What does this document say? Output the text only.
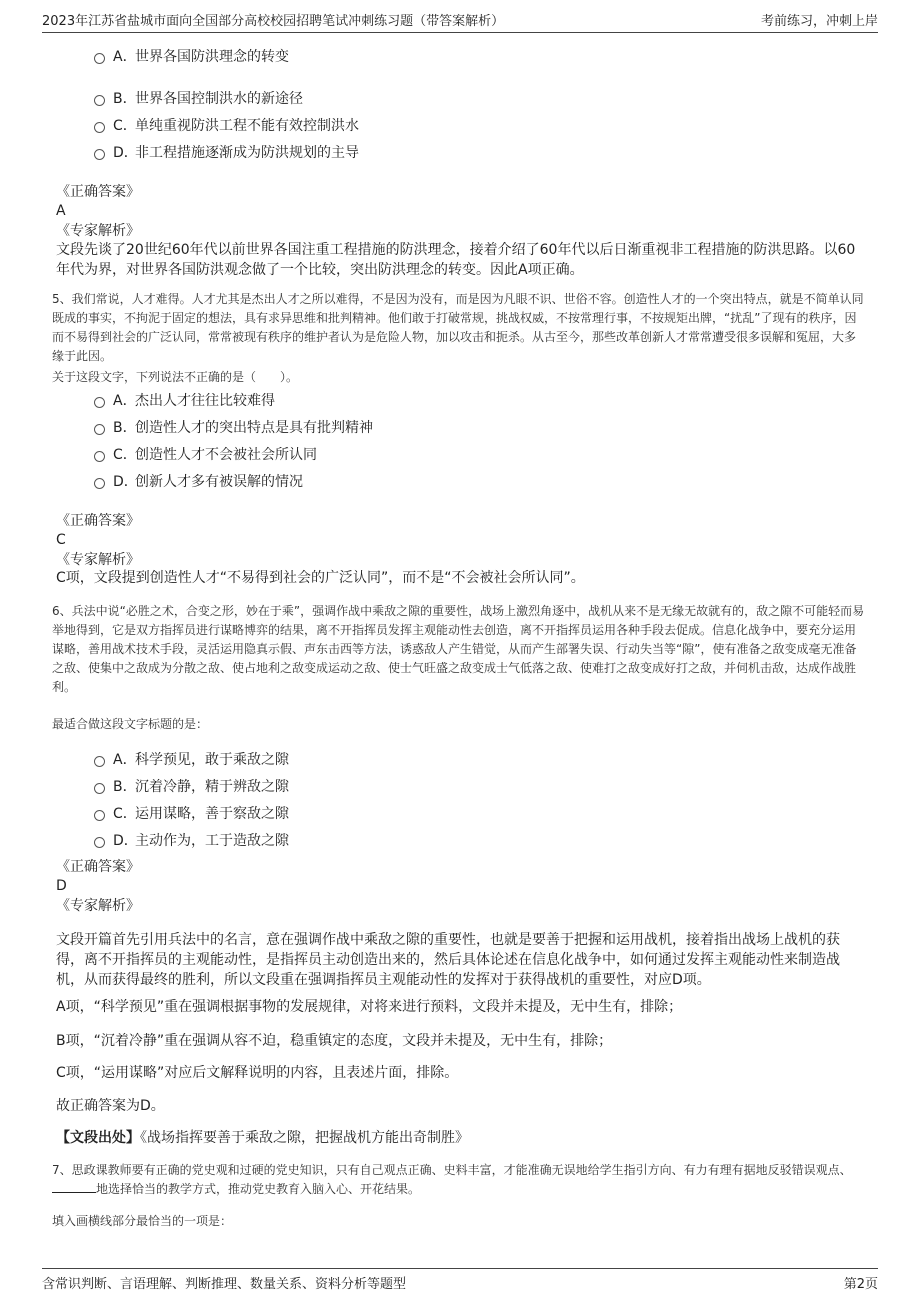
2023年江苏省盐城市面向全国部分高校校园招聘笔试冲刺练习题（带答案解析）	考前练习，冲刺上岸
A．
世界各国防洪理念的转变
B．
世界各国控制洪水的新途径
C．
单纯重视防洪工程不能有效控制洪水
D．
非工程措施逐渐成为防洪规划的主导
《正确答案》
A
《专家解析》
文段先谈了20世纪60年代以前世界各国注重工程措施的防洪理念，接着介绍了60年代以后日渐重视非工程措施的防洪思路。以60年代为界，对世界各国防洪观念做了一个比较，突出防洪理念的转变。因此A项正确。
5、我们常说，人才难得。人才尤其是杰出人才之所以难得，不是因为没有，而是因为凡眼不识、世俗不容。创造性人才的一个突出特点，就是不简单认同既成的事实，不拘泥于固定的想法，具有求异思维和批判精神。他们敢于打破常规，挑战权威，不按常理行事，不按规矩出牌，“扰乱”了现有的秩序，因而不易得到社会的广泛认同，常常被现有秩序的维护者认为是危险人物，加以攻击和扼杀。从古至今，那些改革创新人才常常遭受很多误解和冤屈，大多缘于此因。
关于这段文字，下列说法不正确的是（　　）。
A．
杰出人才往往比较难得
B．
创造性人才的突出特点是具有批判精神
C．
创造性人才不会被社会所认同
D．
创新人才多有被误解的情况
《正确答案》
C
《专家解析》
C项，文段提到创造性人才“不易得到社会的广泛认同”，而不是“不会被社会所认同”。
6、兵法中说“必胜之术，合变之形，妙在于乘”，强调作战中乘敌之隙的重要性，战场上激烈角逐中，战机从来不是无缘无故就有的，敌之隙不可能轻而易举地得到，它是双方指挥员进行谋略博弈的结果，离不开指挥员发挥主观能动性去创造，离不开指挥员运用各种手段去促成。信息化战争中，要充分运用谋略，善用战术技术手段，灵活运用隐真示假、声东击西等方法，诱惑敌人产生错觉，从而产生部署失误、行动失当等“隙”，使有准备之敌变成毫无准备之敌、使集中之敌成为分散之敌、使占地利之敌变成运动之敌、使士气旺盛之敌变成士气低落之敌、使难打之敌变成好打之敌，并伺机击敌，达成作战胜利。
最适合做这段文字标题的是：
A．
科学预见，敢于乘敌之隙
B．
沉着冷静，精于辨敌之隙
C．
运用谋略，善于察敌之隙
D．
主动作为，工于造敌之隙
《正确答案》
D
《专家解析》
文段开篇首先引用兵法中的名言，意在强调作战中乘敌之隙的重要性，也就是要善于把握和运用战机，接着指出战场上战机的获得，离不开指挥员的主观能动性，是指挥员主动创造出来的，然后具体论述在信息化战争中，如何通过发挥主观能动性来制造战机，从而获得最终的胜利，所以文段重在强调指挥员主观能动性的发挥对于获得战机的重要性，对应D项。
A项，“科学预见”重在强调根据事物的发展规律，对将来进行预料，文段并未提及，无中生有，排除；
B项，“沉着冷静”重在强调从容不迫，稳重镇定的态度，文段并未提及，无中生有，排除；
C项，“运用谋略”对应后文解释说明的内容，且表述片面，排除。
故正确答案为D。
【文段出处】《战场指挥要善于乘敌之隙，把握战机方能出奇制胜》
7、思政课教师要有正确的党史观和过硬的党史知识，只有自己观点正确、史料丰富，才能准确无误地给学生指引方向、有力有理有据地反驳错误观点、地选择恰当的教学方式，推动党史教育入脑入心、开花结果。
填入画横线部分最恰当的一项是：
含常识判断、言语理解、判断推理、数量关系、资料分析等题型	第2页
